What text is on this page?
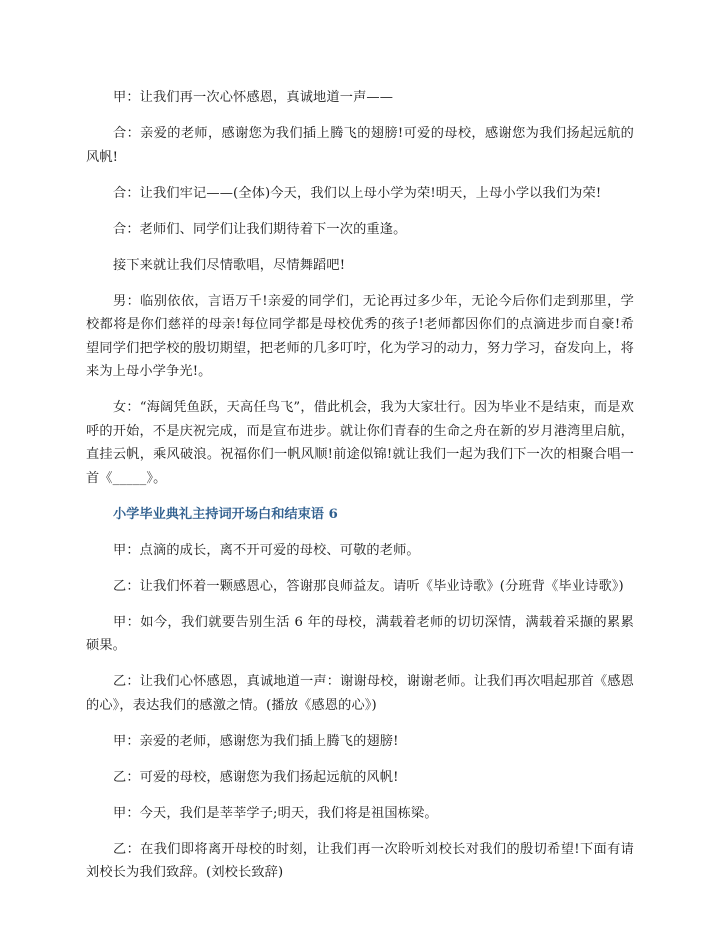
甲：让我们再一次心怀感恩，真诚地道一声——

合：亲爱的老师，感谢您为我们插上腾飞的翅膀!可爱的母校，感谢您为我们扬起远航的风帆!

合：让我们牢记——(全体)今天，我们以上母小学为荣!明天，上母小学以我们为荣!

合：老师们、同学们让我们期待着下一次的重逢。

接下来就让我们尽情歌唱，尽情舞蹈吧!

男：临别依依，言语万千!亲爱的同学们，无论再过多少年，无论今后你们走到那里，学校都将是你们慈祥的母亲!每位同学都是母校优秀的孩子!老师都因你们的点滴进步而自豪!希望同学们把学校的殷切期望，把老师的几多叮咛，化为学习的动力，努力学习，奋发向上，将来为上母小学争光!。

女：“海阔凭鱼跃，天高任鸟飞”，借此机会，我为大家壮行。因为毕业不是结束，而是欢呼的开始，不是庆祝完成，而是宣布进步。就让你们青春的生命之舟在新的岁月港湾里启航，直挂云帆，乘风破浪。祝福你们一帆风顺!前途似锦!就让我们一起为我们下一次的相聚合唱一首《_____》。

小学毕业典礼主持词开场白和结束语 6

甲：点滴的成长，离不开可爱的母校、可敬的老师。

乙：让我们怀着一颗感恩心，答谢那良师益友。请听《毕业诗歌》(分班背《毕业诗歌》)

甲：如今，我们就要告别生活 6 年的母校，满载着老师的切切深情，满载着采撷的累累硕果。

乙：让我们心怀感恩，真诚地道一声：谢谢母校，谢谢老师。让我们再次唱起那首《感恩的心》，表达我们的感激之情。(播放《感恩的心》)

甲：亲爱的老师，感谢您为我们插上腾飞的翅膀!

乙：可爱的母校，感谢您为我们扬起远航的风帆!

甲：今天，我们是莘莘学子;明天，我们将是祖国栋梁。

乙：在我们即将离开母校的时刻，让我们再一次聆听刘校长对我们的殷切希望!下面有请刘校长为我们致辞。(刘校长致辞)
